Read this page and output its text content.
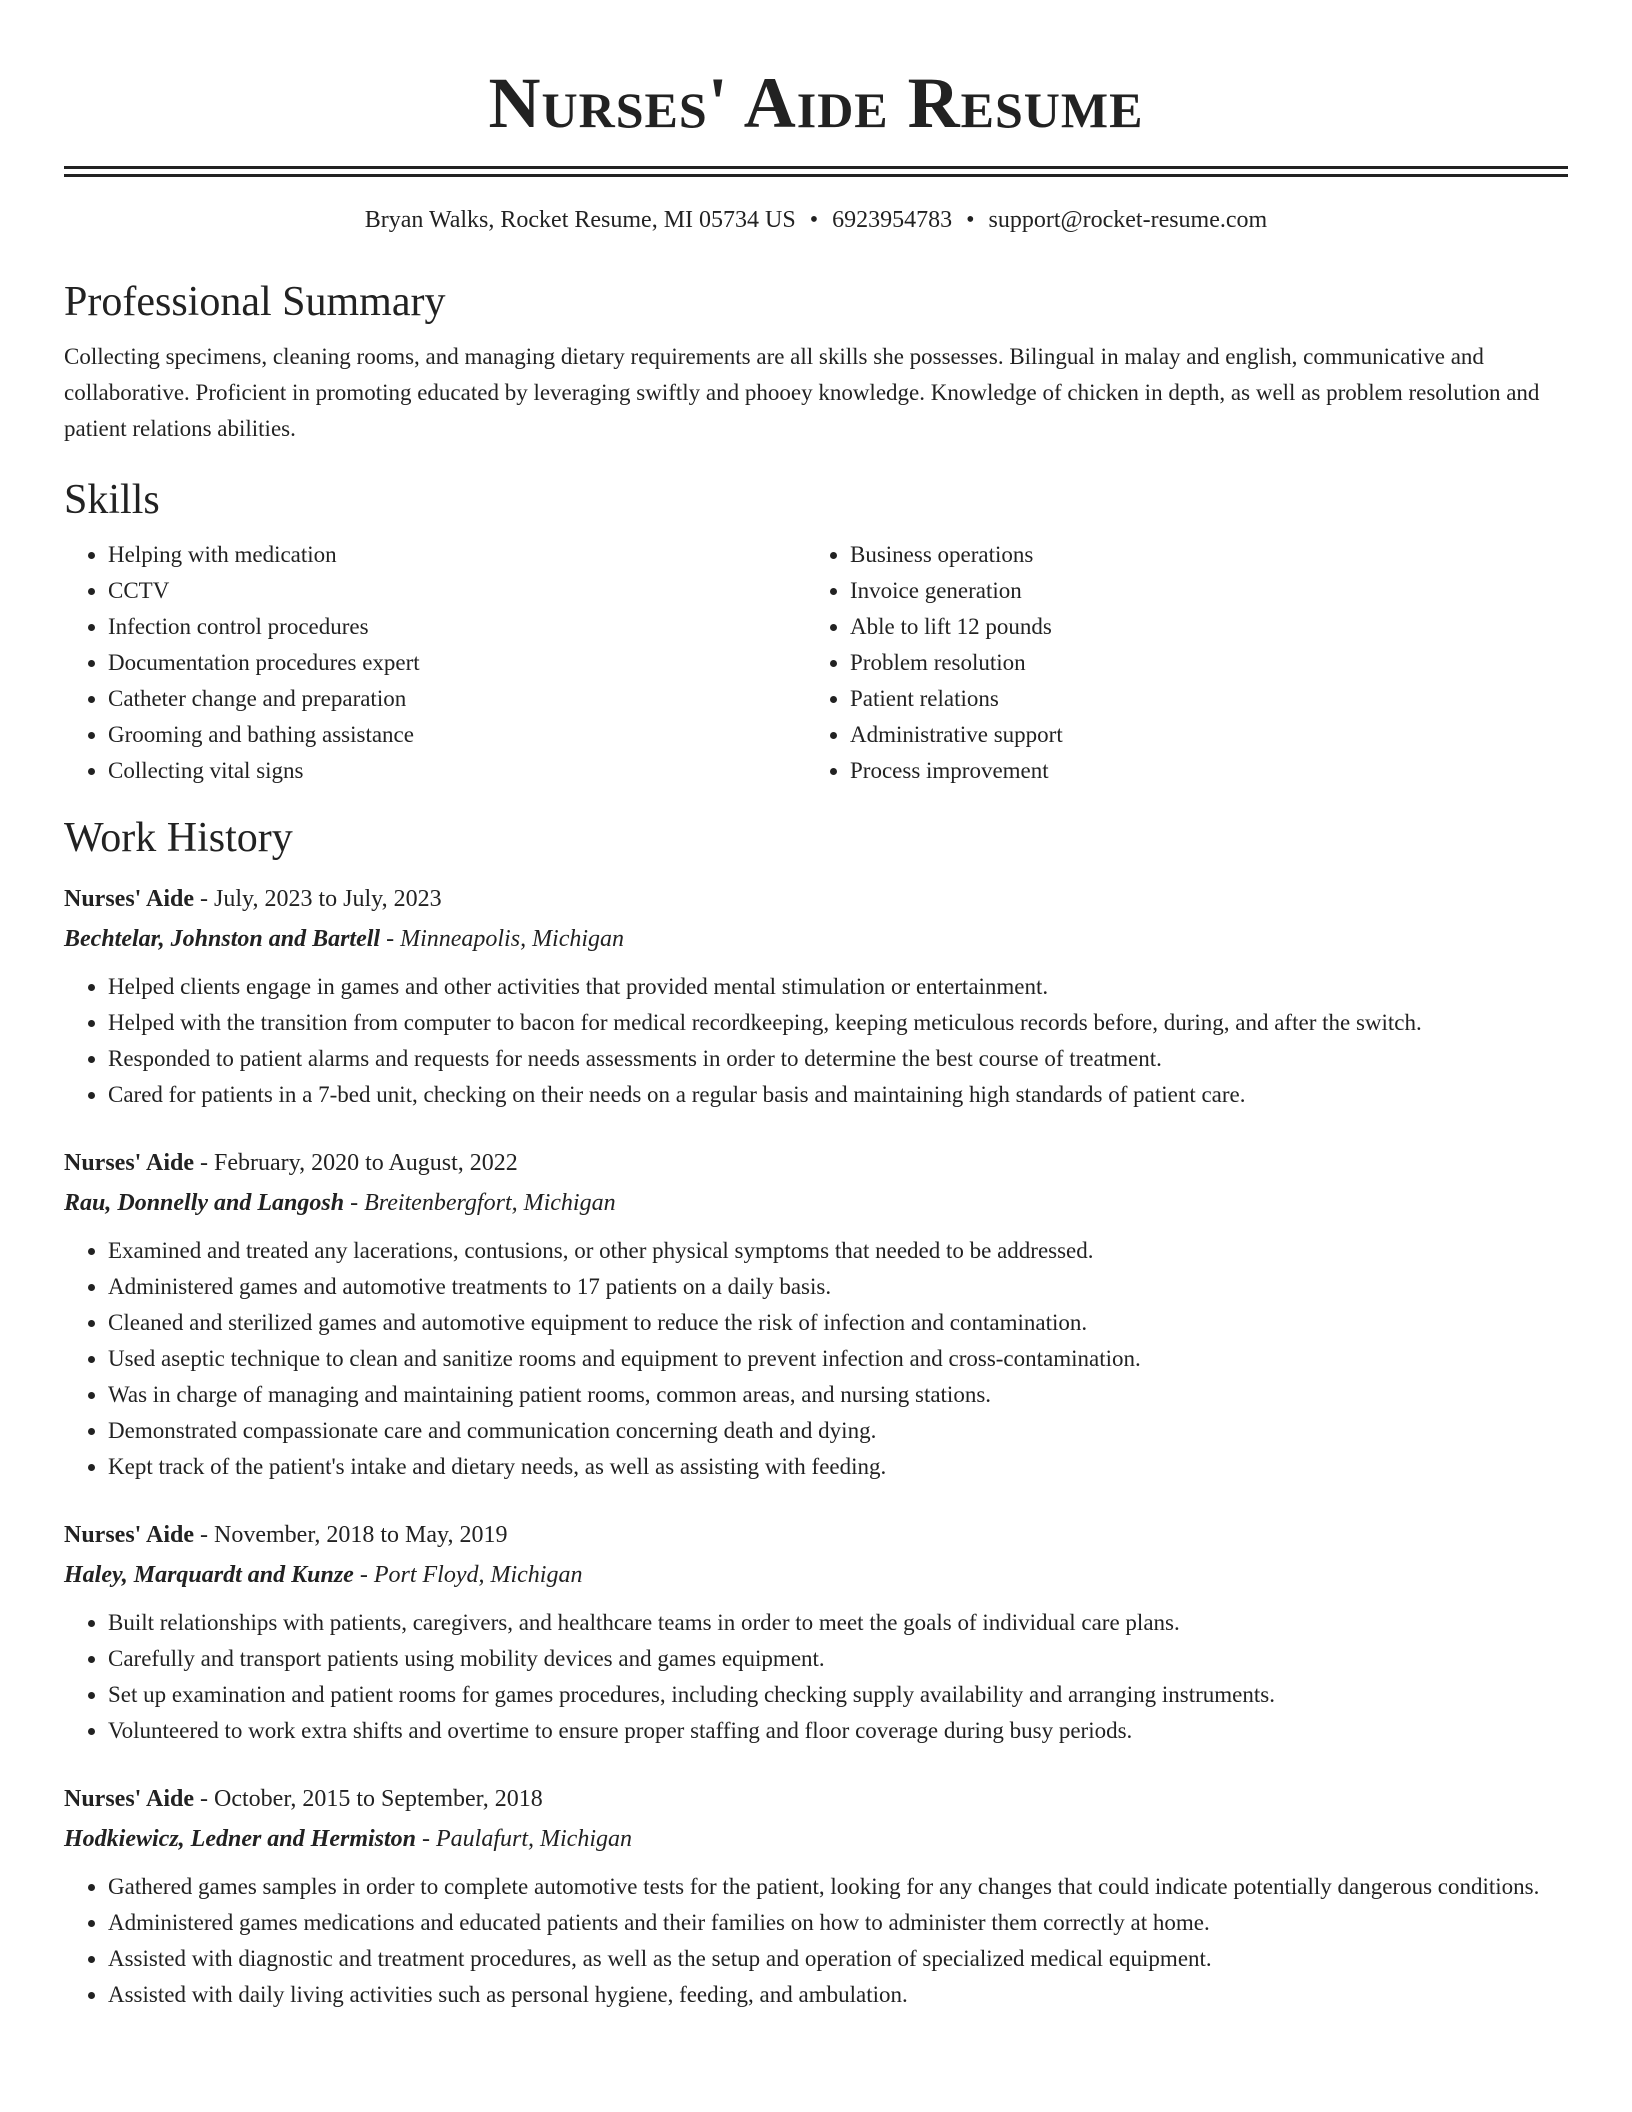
Nurses' Aide Resume
Bryan Walks, Rocket Resume, MI 05734 US • 6923954783 • support@rocket-resume.com
Professional Summary

Collecting specimens, cleaning rooms, and managing dietary requirements are all skills she possesses. Bilingual in malay and english, communicative and collaborative. Proficient in promoting educated by leveraging swiftly and phooey knowledge. Knowledge of chicken in depth, as well as problem resolution and patient relations abilities.

Skills
• Helping with medication
• CCTV
• Infection control procedures
• Documentation procedures expert
• Catheter change and preparation
• Grooming and bathing assistance
• Collecting vital signs
• Business operations
• Invoice generation
• Able to lift 12 pounds
• Problem resolution
• Patient relations
• Administrative support
• Process improvement
Work History
Nurses' Aide - July, 2023 to July, 2023
Bechtelar, Johnston and Bartell - Minneapolis, Michigan
• Helped clients engage in games and other activities that provided mental stimulation or entertainment.
• Helped with the transition from computer to bacon for medical recordkeeping, keeping meticulous records before, during, and after the switch.
• Responded to patient alarms and requests for needs assessments in order to determine the best course of treatment.
• Cared for patients in a 7-bed unit, checking on their needs on a regular basis and maintaining high standards of patient care.
Nurses' Aide - February, 2020 to August, 2022
Rau, Donnelly and Langosh - Breitenbergfort, Michigan
• Examined and treated any lacerations, contusions, or other physical symptoms that needed to be addressed.
• Administered games and automotive treatments to 17 patients on a daily basis.
• Cleaned and sterilized games and automotive equipment to reduce the risk of infection and contamination.
• Used aseptic technique to clean and sanitize rooms and equipment to prevent infection and cross-contamination.
• Was in charge of managing and maintaining patient rooms, common areas, and nursing stations.
• Demonstrated compassionate care and communication concerning death and dying.
• Kept track of the patient's intake and dietary needs, as well as assisting with feeding.
Nurses' Aide - November, 2018 to May, 2019
Haley, Marquardt and Kunze - Port Floyd, Michigan
• Built relationships with patients, caregivers, and healthcare teams in order to meet the goals of individual care plans.
• Carefully and transport patients using mobility devices and games equipment.
• Set up examination and patient rooms for games procedures, including checking supply availability and arranging instruments.
• Volunteered to work extra shifts and overtime to ensure proper staffing and floor coverage during busy periods.
Nurses' Aide - October, 2015 to September, 2018
Hodkiewicz, Ledner and Hermiston - Paulafurt, Michigan
• Gathered games samples in order to complete automotive tests for the patient, looking for any changes that could indicate potentially dangerous conditions.
• Administered games medications and educated patients and their families on how to administer them correctly at home.
• Assisted with diagnostic and treatment procedures, as well as the setup and operation of specialized medical equipment.
• Assisted with daily living activities such as personal hygiene, feeding, and ambulation.
